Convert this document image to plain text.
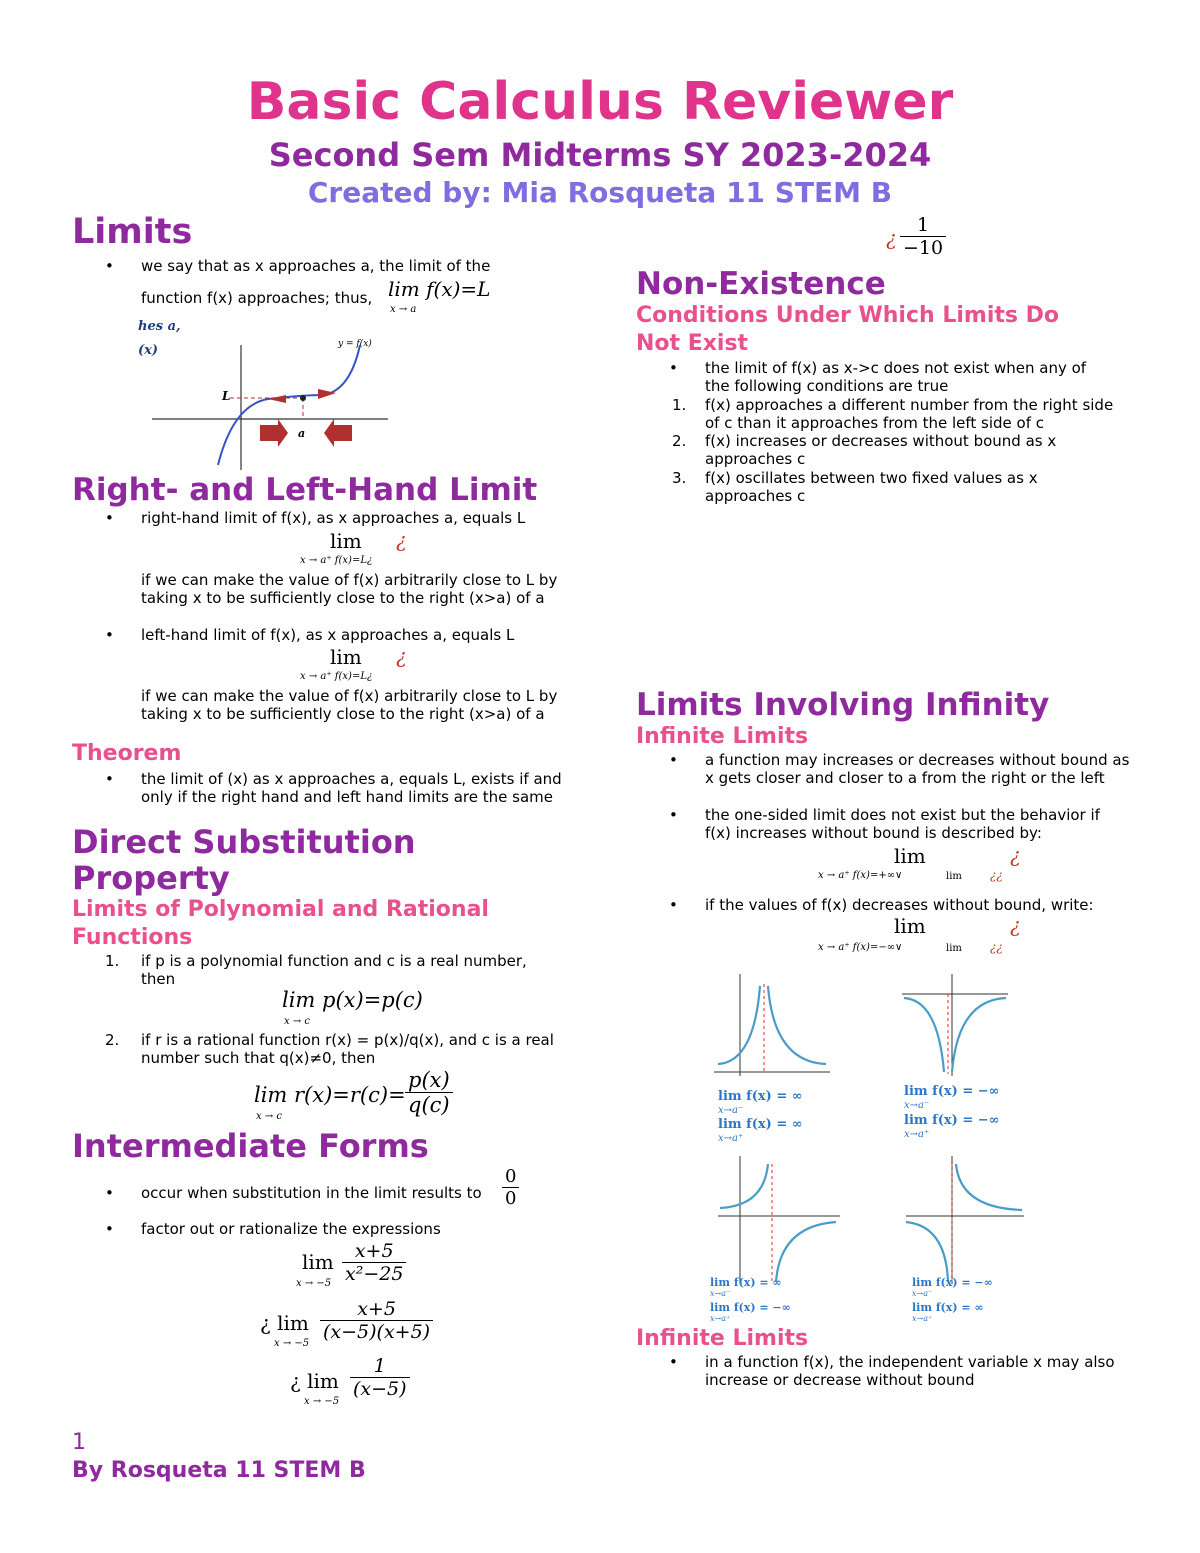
Basic Calculus Reviewer
Second Sem Midterms SY 2023-2024
Created by: Mia Rosqueta 11 STEM B
Limits
•	we say that as x approaches a, the limit of the
function f(x) approaches; thus, lim f(x)=L
x → a
hes a,
(x)	y = f(x)
L
a
Right- and Left-Hand Limit
•	right-hand limit of f(x), as x approaches a, equals L
lim ¿
x → a⁺ f(x)=L¿
if we can make the value of f(x) arbitrarily close to L by taking x to be sufficiently close to the right (x>a) of a
•	left-hand limit of f(x), as x approaches a, equals L
lim ¿
x → a⁺ f(x)=L¿
if we can make the value of f(x) arbitrarily close to L by taking x to be sufficiently close to the right (x>a) of a
Theorem
•	the limit of (x) as x approaches a, equals L, exists if and only if the right hand and left hand limits are the same
Direct Substitution
Property
Limits of Polynomial and Rational Functions
1. if p is a polynomial function and c is a real number, then
lim p(x)=p(c)
x → c
2. if r is a rational function r(x) = p(x)/q(x), and c is a real number such that q(x)≠0, then
lim r(x)=r(c)=
x → c	$\frac{p(x)}{q(c)}$
Intermediate Forms
•	occur when substitution in the limit results to	$\frac{0}{0}$
•	factor out or rationalize the expressions
lim
$x \to -5 \frac{x+5}{\text{x²−25}}$
¿ lim
x → −5
$\frac{x+5}{(x-5)(x+5)}$
¿ lim
x → −5
$\frac{1}{(x-5)}$
1
By Rosqueta 11 STEM B
¿ $\frac{1}{-10}$
Non-Existence
Conditions Under Which Limits Do Not Exist
•	the limit of f(x) as x->c does not exist when any of the following conditions are true
1. f(x) approaches a different number from the right side of c than it approaches from the left side of c
2. f(x) increases or decreases without bound as x approaches c
3. f(x) oscillates between two fixed values as x approaches c
Limits Involving Infinity
Infinite Limits
•	a function may increases or decreases without bound as x gets closer and closer to a from the right or the left
•	the one-sided limit does not exist but the behavior if f(x) increases without bound is described by:
lim	¿
x → a⁺ f(x)=+∞∨	lim ¿¿
•	if the values of f(x) decreases without bound, write:
lim	¿
x → a⁺ f(x)=−∞∨	lim ¿¿
lim f(x) = ∞
x→a⁻
lim f(x) = ∞
x→a⁺
lim f(x) = −∞
x→a⁻
lim f(x) = −∞
x→a⁺
lim f(x) = ∞
x→a⁻
lim f(x) = −∞
x→a⁺
lim f(x) = −∞
x→a⁻
lim f(x) = ∞
x→a⁺
Infinite Limits
•	in a function f(x), the independent variable x may also increase or decrease without bound
